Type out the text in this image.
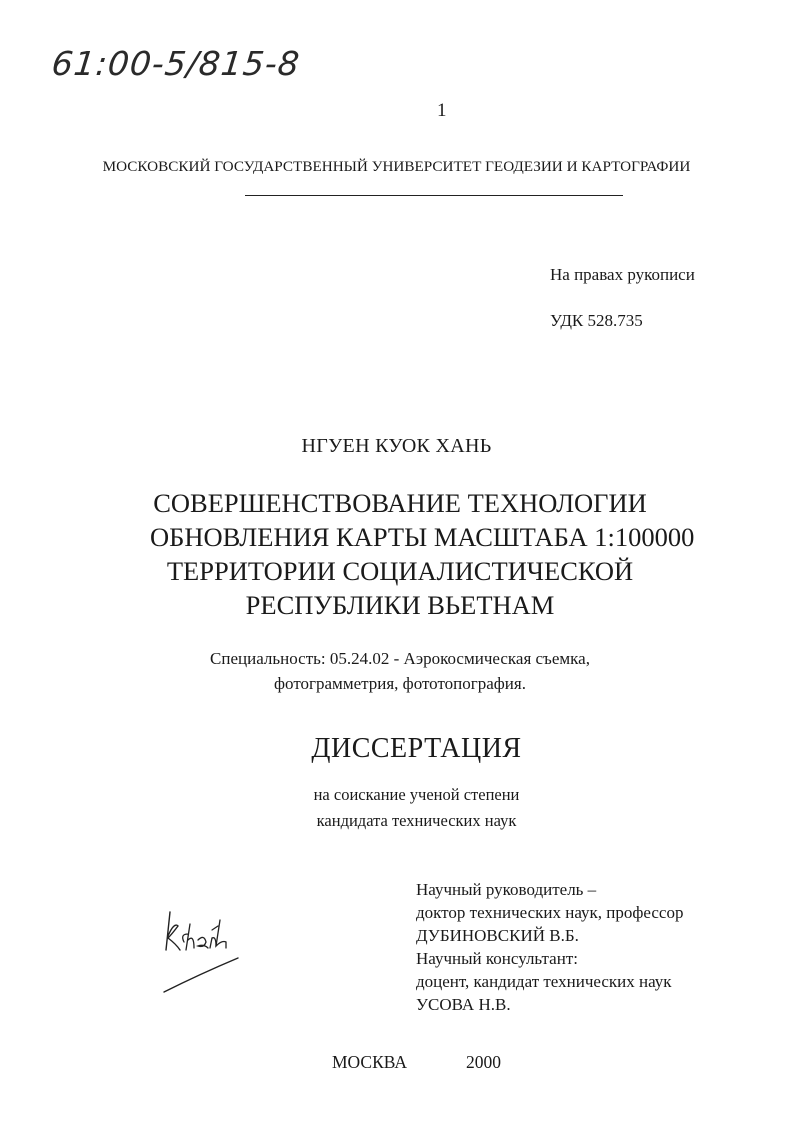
61:00-5/815-8
1
МОСКОВСКИЙ ГОСУДАРСТВЕННЫЙ УНИВЕРСИТЕТ ГЕОДЕЗИИ И КАРТОГРАФИИ
На правах рукописи
УДК 528.735
НГУЕН КУОК ХАНЬ
СОВЕРШЕНСТВОВАНИЕ ТЕХНОЛОГИИ
ОБНОВЛЕНИЯ КАРТЫ МАСШТАБА 1:100000
ТЕРРИТОРИИ СОЦИАЛИСТИЧЕСКОЙ
РЕСПУБЛИКИ ВЬЕТНАМ
Специальность: 05.24.02 - Аэрокосмическая съемка,
фотограмметрия, фототопография.
ДИССЕРТАЦИЯ
на соискание ученой степени
кандидата технических наук
Научный руководитель –
доктор технических наук, профессор
ДУБИНОВСКИЙ В.Б.
Научный консультант:
доцент, кандидат технических наук
УСОВА Н.В.
МОСКВА	2000
